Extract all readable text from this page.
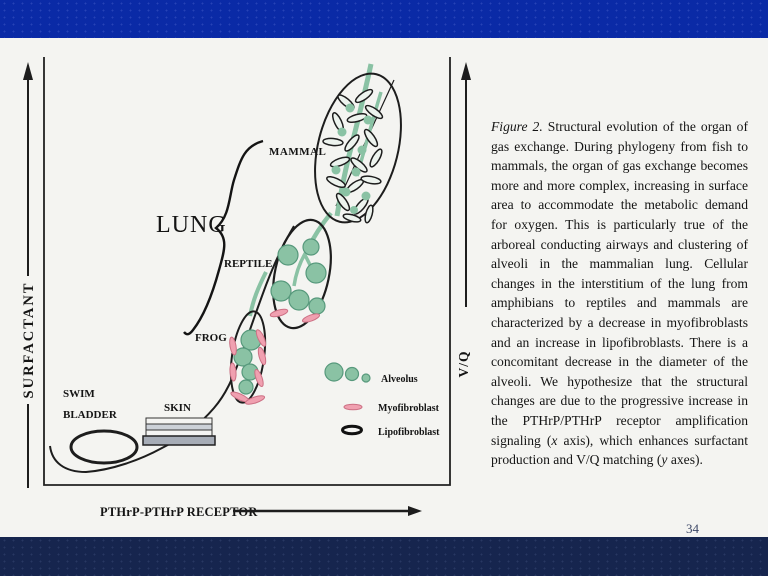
34
SURFACTANT	V/Q
PTHrP-PTHrP RECEPTOR
SWIM
BLADDER
SKIN
FROG
REPTILE
MAMMAL
LUNG
Alveolus
Myofibroblast
Lipofibroblast
Figure 2. Structural evolution of the organ of gas exchange. During phylogeny from fish to mammals, the organ of gas exchange becomes more and more complex, increasing in surface area to accommodate the metabolic demand for oxygen. This is particularly true of the arboreal conducting airways and clustering of alveoli in the mammalian lung. Cellular changes in the interstitium of the lung from amphibians to reptiles and mammals are characterized by a decrease in myofibroblasts and an increase in lipofibroblasts. There is a concomitant decrease in the diameter of the alveoli. We hypothesize that the structural changes are due to the progressive increase in the PTHrP/PTHrP receptor amplification signaling (x axis), which enhances surfactant production and V/Q matching (y axes).
